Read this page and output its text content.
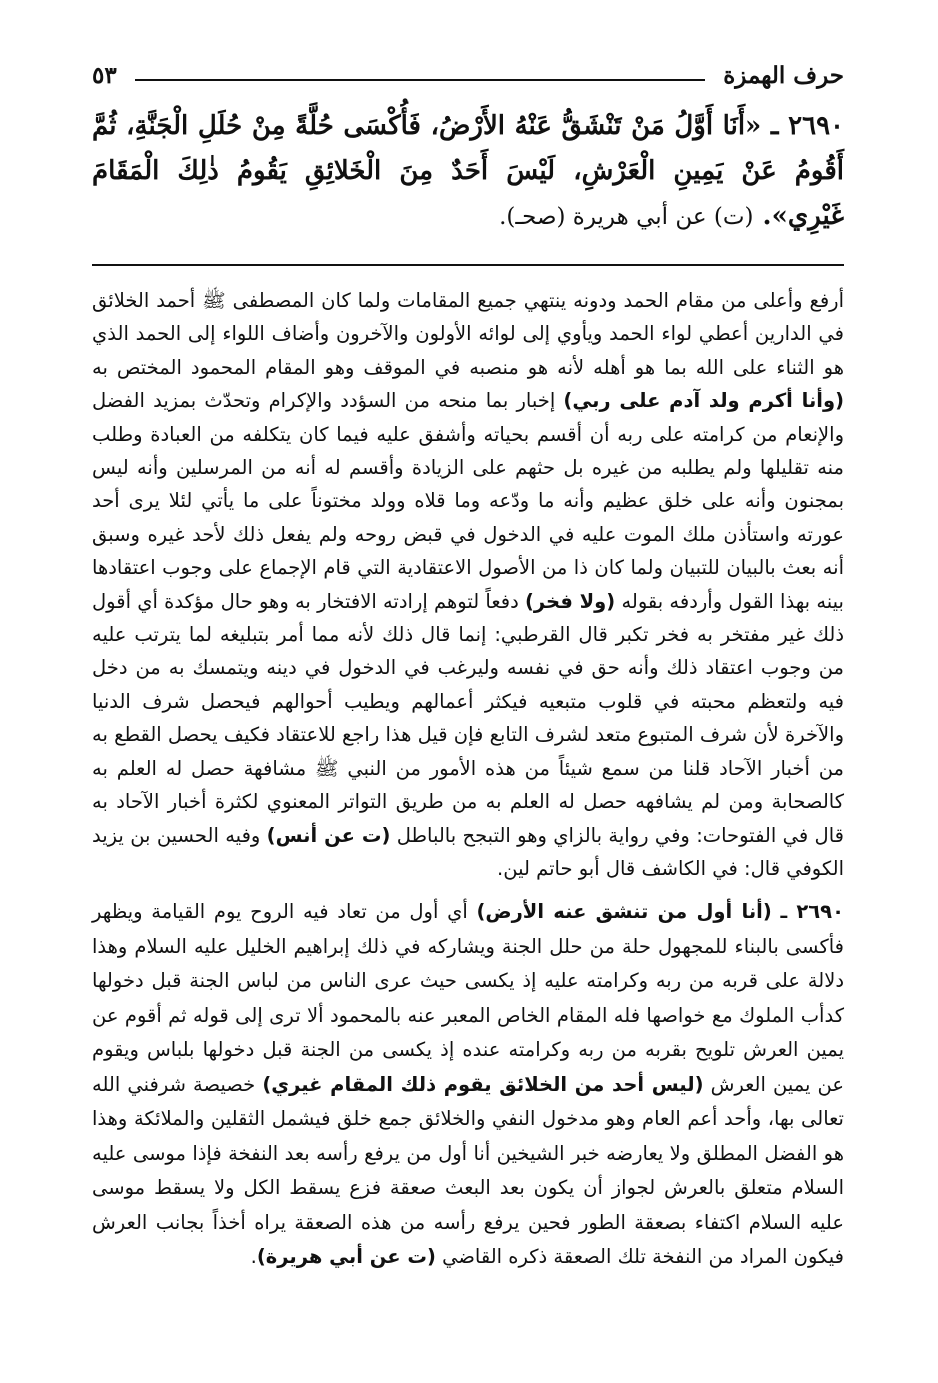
حرف الهمزة
٥٣
٢٦٩٠ ـ «أَنَا أَوَّلُ مَنْ تَنْشَقُّ عَنْهُ الأَرْضُ، فَأُكْسَى حُلَّةً مِنْ حُلَلِ الْجَنَّةِ، ثُمَّ أَقُومُ عَنْ يَمِينِ الْعَرْشِ، لَيْسَ أَحَدٌ مِنَ الْخَلائِقِ يَقُومُ ذٰلِكَ الْمَقَامَ غَيْرِي». (ت) عن أبي هريرة (صحـ).

أرفع وأعلى من مقام الحمد ودونه ينتهي جميع المقامات ولما كان المصطفى ﷺ أحمد الخلائق في الدارين أعطي لواء الحمد ويأوي إلى لوائه الأولون والآخرون وأضاف اللواء إلى الحمد الذي هو الثناء على الله بما هو أهله لأنه هو منصبه في الموقف وهو المقام المحمود المختص به (وأنا أكرم ولد آدم على ربي) إخبار بما منحه من السؤدد والإكرام وتحدّث بمزيد الفضل والإنعام من كرامته على ربه أن أقسم بحياته وأشفق عليه فيما كان يتكلفه من العبادة وطلب منه تقليلها ولم يطلبه من غيره بل حثهم على الزيادة وأقسم له أنه من المرسلين وأنه ليس بمجنون وأنه على خلق عظيم وأنه ما ودّعه وما قلاه وولد مختوناً على ما يأتي لئلا يرى أحد عورته واستأذن ملك الموت عليه في الدخول في قبض روحه ولم يفعل ذلك لأحد غيره وسبق أنه بعث بالبيان للتبيان ولما كان ذا من الأصول الاعتقادية التي قام الإجماع على وجوب اعتقادها بينه بهذا القول وأردفه بقوله (ولا فخر) دفعاً لتوهم إرادته الافتخار به وهو حال مؤكدة أي أقول ذلك غير مفتخر به فخر تكبر قال القرطبي: إنما قال ذلك لأنه مما أمر بتبليغه لما يترتب عليه من وجوب اعتقاد ذلك وأنه حق في نفسه وليرغب في الدخول في دينه ويتمسك به من دخل فيه ولتعظم محبته في قلوب متبعيه فيكثر أعمالهم ويطيب أحوالهم فيحصل شرف الدنيا والآخرة لأن شرف المتبوع متعد لشرف التابع فإن قيل هذا راجع للاعتقاد فكيف يحصل القطع به من أخبار الآحاد قلنا من سمع شيئاً من هذه الأمور من النبي ﷺ مشافهة حصل له العلم به كالصحابة ومن لم يشافهه حصل له العلم به من طريق التواتر المعنوي لكثرة أخبار الآحاد به قال في الفتوحات: وفي رواية بالزاي وهو التبجح بالباطل (ت عن أنس) وفيه الحسين بن يزيد الكوفي قال: في الكاشف قال أبو حاتم لين.

٢٦٩٠ ـ (أنا أول من تنشق عنه الأرض) أي أول من تعاد فيه الروح يوم القيامة ويظهر فأكسى بالبناء للمجهول حلة من حلل الجنة ويشاركه في ذلك إبراهيم الخليل عليه السلام وهذا دلالة على قربه من ربه وكرامته عليه إذ يكسى حيث عرى الناس من لباس الجنة قبل دخولها كدأب الملوك مع خواصها فله المقام الخاص المعبر عنه بالمحمود ألا ترى إلى قوله ثم أقوم عن يمين العرش تلويح بقربه من ربه وكرامته عنده إذ يكسى من الجنة قبل دخولها بلباس ويقوم عن يمين العرش (ليس أحد من الخلائق يقوم ذلك المقام غيري) خصيصة شرفني الله تعالى بها، وأحد أعم العام وهو مدخول النفي والخلائق جمع خلق فيشمل الثقلين والملائكة وهذا هو الفضل المطلق ولا يعارضه خبر الشيخين أنا أول من يرفع رأسه بعد النفخة فإذا موسى عليه السلام متعلق بالعرش لجواز أن يكون بعد البعث صعقة فزع يسقط الكل ولا يسقط موسى عليه السلام اكتفاء بصعقة الطور فحين يرفع رأسه من هذه الصعقة يراه أخذاً بجانب العرش فيكون المراد من النفخة تلك الصعقة ذكره القاضي (ت عن أبي هريرة).
